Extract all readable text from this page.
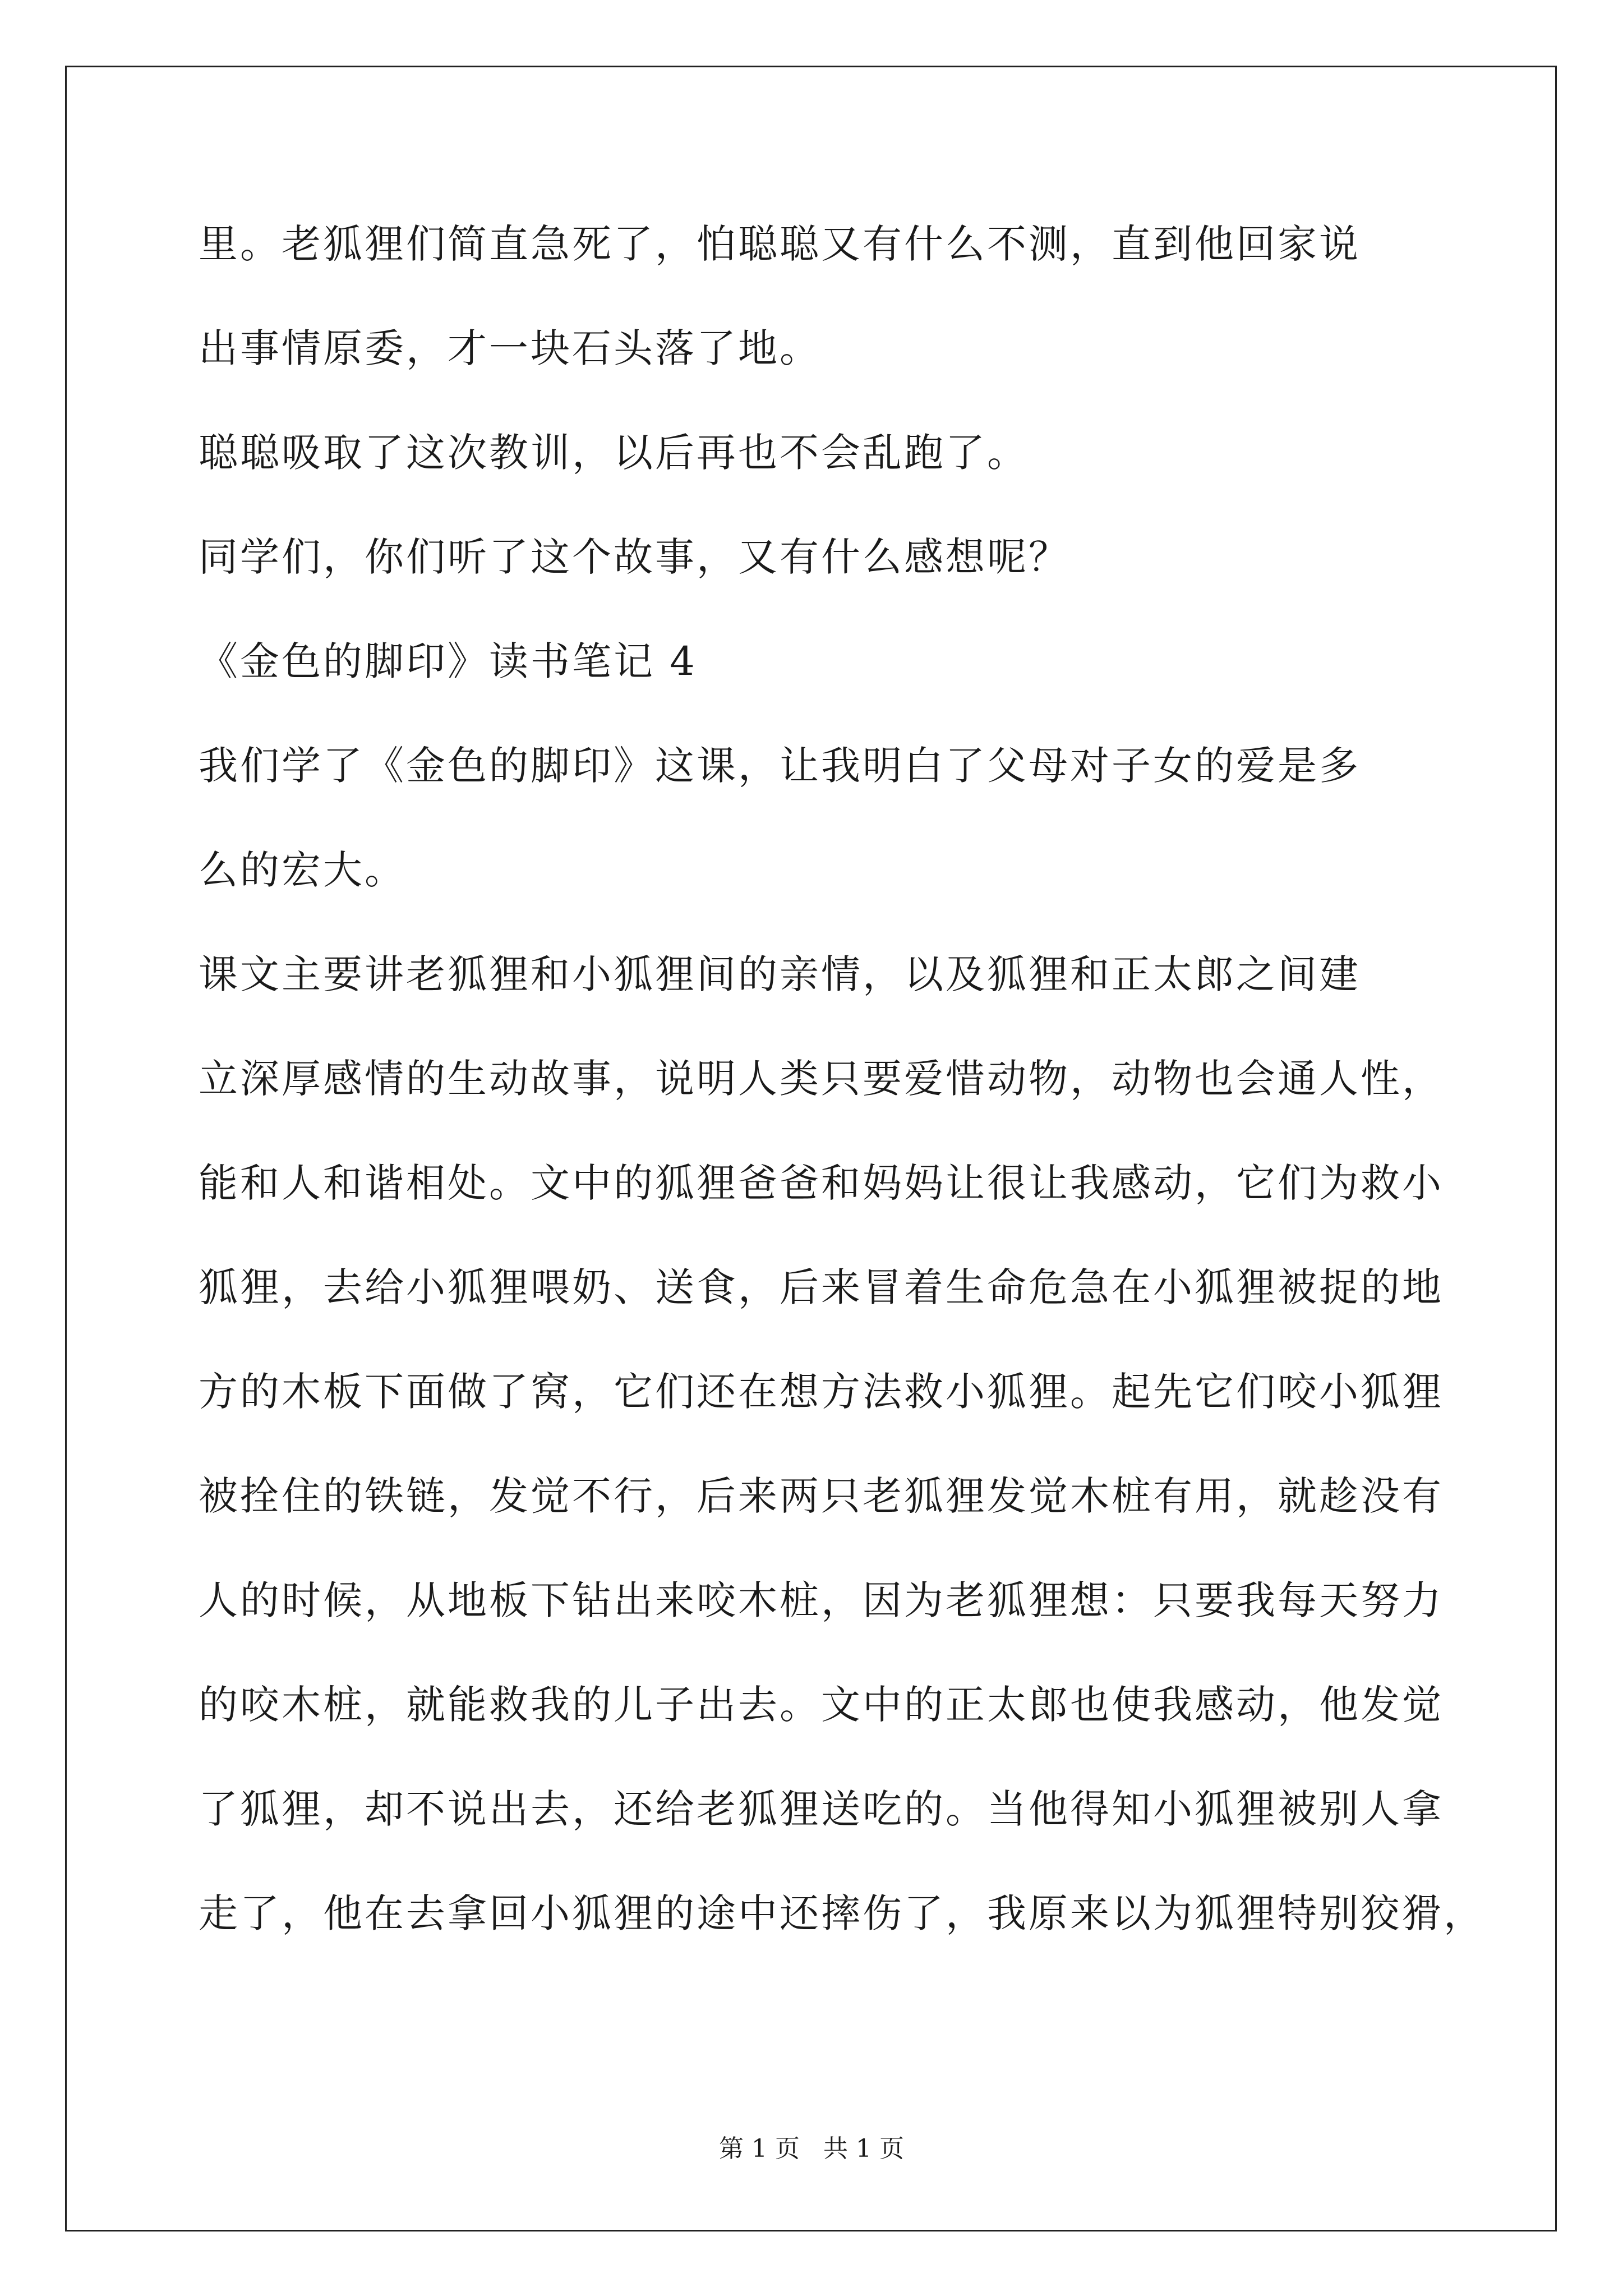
里。老狐狸们简直急死了，怕聪聪又有什么不测，直到他回家说
出事情原委，才一块石头落了地。
聪聪吸取了这次教训，以后再也不会乱跑了。
同学们，你们听了这个故事，又有什么感想呢？
《金色的脚印》读书笔记 4
我们学了《金色的脚印》这课，让我明白了父母对子女的爱是多
么的宏大。
课文主要讲老狐狸和小狐狸间的亲情，以及狐狸和正太郎之间建
立深厚感情的生动故事，说明人类只要爱惜动物，动物也会通人性，
能和人和谐相处。文中的狐狸爸爸和妈妈让很让我感动，它们为救小
狐狸，去给小狐狸喂奶、送食，后来冒着生命危急在小狐狸被捉的地
方的木板下面做了窝，它们还在想方法救小狐狸。起先它们咬小狐狸
被拴住的铁链，发觉不行，后来两只老狐狸发觉木桩有用，就趁没有
人的时候，从地板下钻出来咬木桩，因为老狐狸想：只要我每天努力
的咬木桩，就能救我的儿子出去。文中的正太郎也使我感动，他发觉
了狐狸，却不说出去，还给老狐狸送吃的。当他得知小狐狸被别人拿
走了，他在去拿回小狐狸的途中还摔伤了，我原来以为狐狸特别狡猾，
第 1 页   共 1 页
